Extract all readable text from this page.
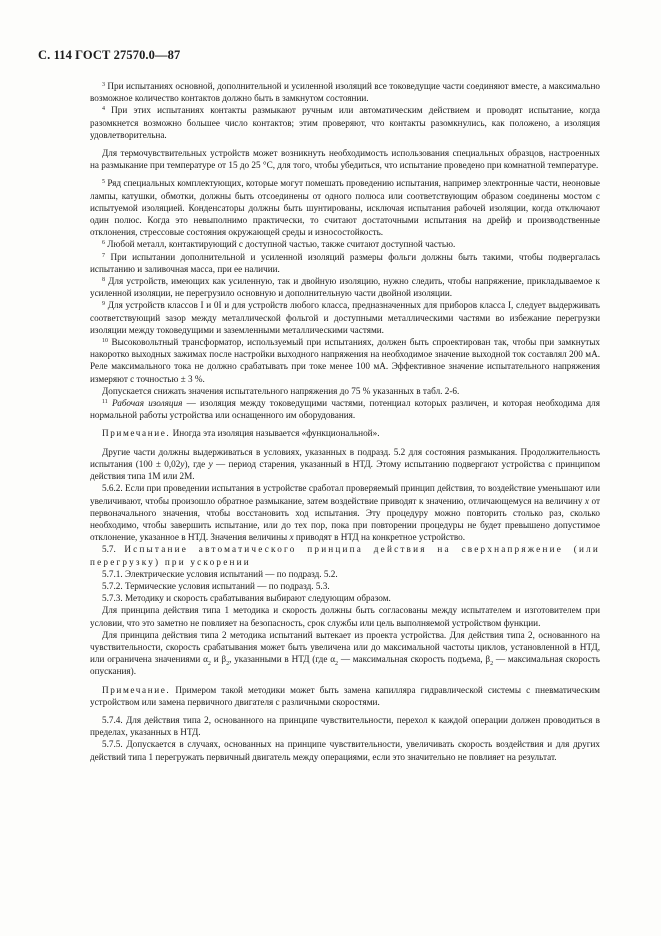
С. 114 ГОСТ 27570.0—87

$^3$ При испытаниях основной, дополнительной и усиленной изоляций все токоведущие части соединяют вместе, а максимально возможное количество контактов должно быть в замкнутом состоянии.

$^4$ При этих испытаниях контакты размыкают ручным или автоматическим действием и проводят испытание, когда разомкнется возможно большее число контактов; этим проверяют, что контакты разомкнулись, как положено, а изоляция удовлетворительна.

Для термочувствительных устройств может возникнуть необходимость использования специальных образцов, настроенных на размыкание при температуре от 15 до 25 °С, для того, чтобы убедиться, что испытание проведено при комнатной температуре.

$^5$ Ряд специальных комплектующих, которые могут помешать проведению испытания, например электронные части, неоновые лампы, катушки, обмотки, должны быть отсоединены от одного полюса или соответствующим образом соединены мостом с испытуемой изоляцией. Конденсаторы должны быть шунтированы, исключая испытания рабочей изоляции, когда отключают один полюс. Когда это невыполнимо практически, то считают достаточными испытания на дрейф и производственные отклонения, стрессовые состояния окружающей среды и износостойкость.

$^6$ Любой металл, контактирующий с доступной частью, также считают доступной частью.

$^7$ При испытании дополнительной и усиленной изоляций размеры фольги должны быть такими, чтобы подвергалась испытанию и заливочная масса, при ее наличии.

$^8$ Для устройств, имеющих как усиленную, так и двойную изоляцию, нужно следить, чтобы напряжение, прикладываемое к усиленной изоляции, не перегрузило основную и дополнительную части двойной изоляции.

$^9$ Для устройств классов I и 0I и для устройств любого класса, предназначенных для приборов класса I, следует выдерживать соответствующий зазор между металлической фольгой и доступными металлическими частями во избежание перегрузки изоляции между токоведущими и заземленными металлическими частями.

$^{10}$ Высоковольтный трансформатор, используемый при испытаниях, должен быть спроектирован так, чтобы при замкнутых накоротко выходных зажимах после настройки выходного напряжения на необходимое значение выходной ток составлял 200 мА. Реле максимального тока не должно срабатывать при токе менее 100 мА. Эффективное значение испытательного напряжения измеряют с точностью ± 3 %.

Допускается снижать значения испытательного напряжения до 75 % указанных в табл. 2-6.

$^{11}$ Рабочая изоляция — изоляция между токоведущими частями, потенциал которых различен, и которая необходима для нормальной работы устройства или оснащенного им оборудования.

Примечание. Иногда эта изоляция называется «функциональной».

Другие части должны выдерживаться в условиях, указанных в подразд. 5.2 для состояния размыкания. Продолжительность испытания (100 ± 0,02y), где y — период старения, указанный в НТД. Этому испытанию подвергают устройства с принципом действия типа 1М или 2М.

5.6.2. Если при проведении испытания в устройстве сработал проверяемый принцип действия, то воздействие уменьшают или увеличивают, чтобы произошло обратное размыкание, затем воздействие приводят к значению, отличающемуся на величину x от первоначального значения, чтобы восстановить ход испытания. Эту процедуру можно повторить столько раз, сколько необходимо, чтобы завершить испытание, или до тех пор, пока при повторении процедуры не будет превышено допустимое отклонение, указанное в НТД. Значения величины x приводят в НТД на конкретное устройство.

5.7. Испытание автоматического принципа действия на сверхнапряжение (или перегрузку) при ускорении

5.7.1. Электрические условия испытаний — по подразд. 5.2.

5.7.2. Термические условия испытаний — по подразд. 5.3.

5.7.3. Методику и скорость срабатывания выбирают следующим образом.

Для принципа действия типа 1 методика и скорость должны быть согласованы между испытателем и изготовителем при условии, что это заметно не повлияет на безопасность, срок службы или цель выполняемой устройством функции.

Для принципа действия типа 2 методика испытаний вытекает из проекта устройства. Для действия типа 2, основанного на чувствительности, скорость срабатывания может быть увеличена или до максимальной частоты циклов, установленной в НТД, или ограничена значениями $\alpha_2$ и $\beta_2$, указанными в НТД (где $\alpha_2$ — максимальная скорость подъема, $\beta_2$ — максимальная скорость опускания).

Примечание. Примером такой методики может быть замена капилляра гидравлической системы с пневматическим устройством или замена первичного двигателя с различными скоростями.

5.7.4. Для действия типа 2, основанного на принципе чувствительности, перехол к каждой операции должен проводиться в пределах, указанных в НТД.

5.7.5. Допускается в случаях, основанных на принципе чувствительности, увеличивать скорость воздействия и для других действий типа 1 перегружать первичный двигатель между операциями, если это значительно не повлияет на результат.
